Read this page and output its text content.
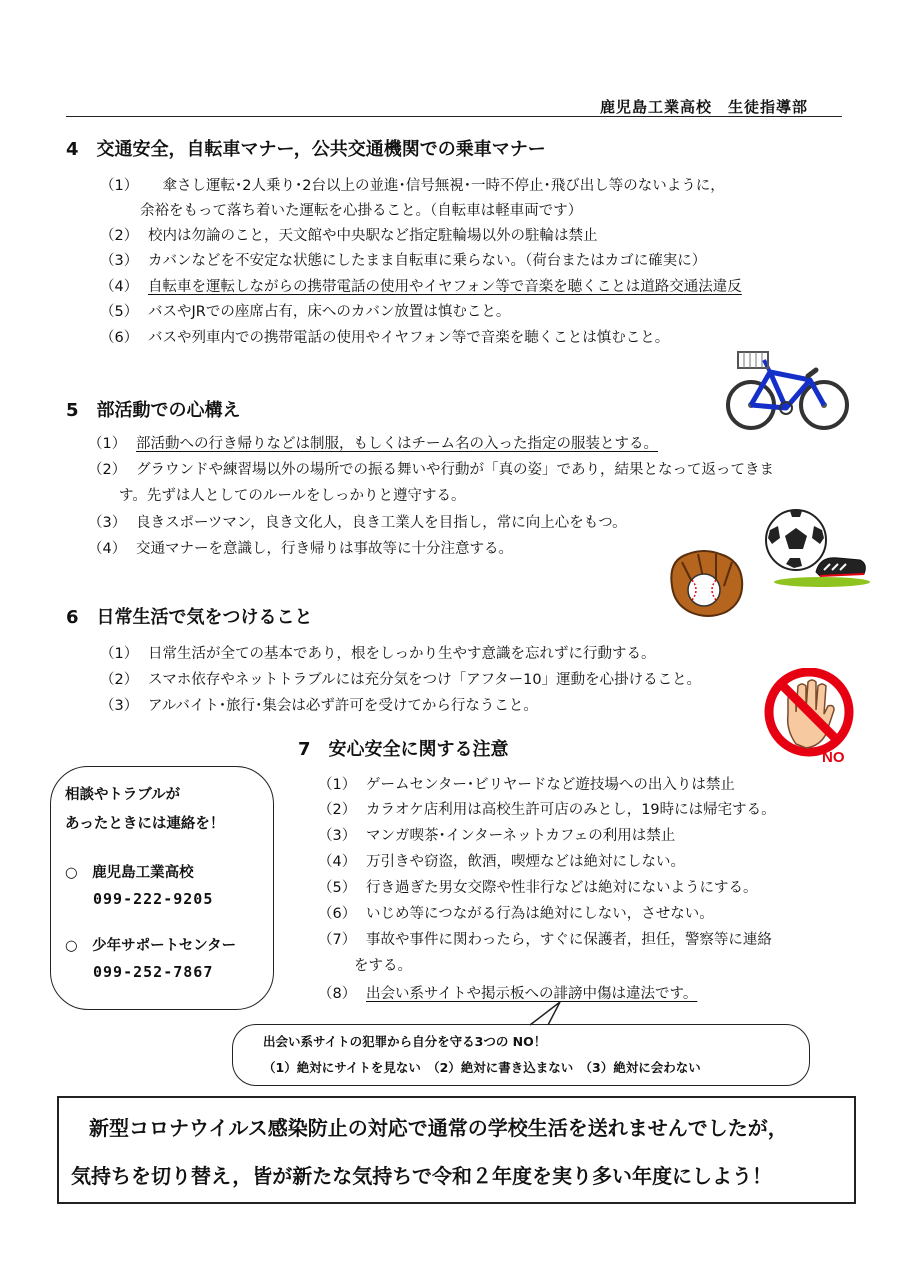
鹿児島工業高校　生徒指導部
4　交通安全，自転車マナー，公共交通機関での乗車マナー
（1）　傘さし運転･2人乗り･2台以上の並進･信号無視･一時不停止･飛び出し等のないように，
余裕をもって落ち着いた運転を心掛ること。（自転車は軽車両です）
（2） 校内は勿論のこと，天文館や中央駅など指定駐輪場以外の駐輪は禁止
（3） カバンなどを不安定な状態にしたまま自転車に乗らない。（荷台またはカゴに確実に）
（4） 自転車を運転しながらの携帯電話の使用やイヤフォン等で音楽を聴くことは道路交通法違反
（5） バスやJRでの座席占有，床へのカバン放置は慎むこと。
（6） バスや列車内での携帯電話の使用やイヤフォン等で音楽を聴くことは慎むこと。
5　部活動での心構え
（1） 部活動への行き帰りなどは制服，もしくはチーム名の入った指定の服装とする。
（2） グラウンドや練習場以外の場所での振る舞いや行動が「真の姿」であり，結果となって返ってきま
す。先ずは人としてのルールをしっかりと遵守する。
（3） 良きスポーツマン，良き文化人，良き工業人を目指し，常に向上心をもつ。
（4） 交通マナーを意識し，行き帰りは事故等に十分注意する。
6　日常生活で気をつけること
（1） 日常生活が全ての基本であり，根をしっかり生やす意識を忘れずに行動する。
（2） スマホ依存やネットトラブルには充分気をつけ「アフター10」運動を心掛けること。
（3） アルバイト･旅行･集会は必ず許可を受けてから行なうこと。
NO
7　安心安全に関する注意
（1） ゲームセンター･ビリヤードなど遊技場への出入りは禁止
（2） カラオケ店利用は高校生許可店のみとし，19時には帰宅する。
（3） マンガ喫茶･インターネットカフェの利用は禁止
（4） 万引きや窃盗，飲酒，喫煙などは絶対にしない。
（5） 行き過ぎた男女交際や性非行などは絶対にないようにする。
（6） いじめ等につながる行為は絶対にしない，させない。
（7） 事故や事件に関わったら，すぐに保護者，担任，警察等に連絡
をする。
（8） 出会い系サイトや掲示板への誹謗中傷は違法です。
相談やトラブルが
あったときには連絡を！
○　鹿児島工業高校
099-222-9205
○　少年サポートセンター
099-252-7867
出会い系サイトの犯罪から自分を守る3つの NO！
（1）絶対にサイトを見ない　（2）絶対に書き込まない　（3）絶対に会わない
新型コロナウイルス感染防止の対応で通常の学校生活を送れませんでしたが，
気持ちを切り替え，皆が新たな気持ちで令和２年度を実り多い年度にしよう！
